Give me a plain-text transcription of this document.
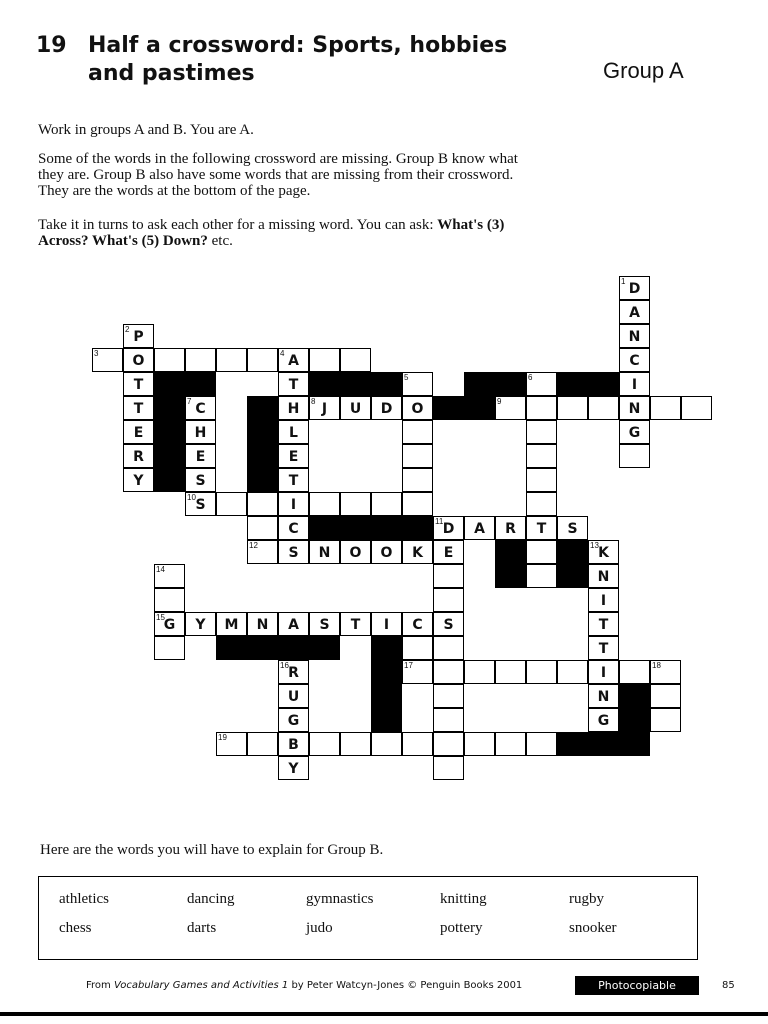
19 Half a crossword: Sports, hobbies
and pastimes	Group A
Work in groups A and B. You are A.
Some of the words in the following crossword are missing. Group B know what
they are. Group B also have some words that are missing from their crossword.
They are the words at the bottom of the page.
Take it in turns to ask each other for a missing word. You can ask: What's (3)
Across? What's (5) Down? etc.
1 D
A
2 P	N
3	O	4 A	C
T	T	5	6	I
T	7 C	H	8 J	U	D	O	9	N
E	H	L	G
R	E	E
Y	S	T
10 S	I
C	11 D	A	R	T	S
12	S	N	O	O	K	E	13 K
14	N
I
15
G	Y	M	N	A	S	T	I	C	S	T
T
16 R	17	I	18
U	N
G	G
19	B
Y
Here are the words you will have to explain for Group B.
athletics	dancing	gymnastics	knitting	rugby
chess	darts	judo	pottery	snooker
From Vocabulary Games and Activities 1 by Peter Watcyn-Jones © Penguin Books 2001	Photocopiable	85
